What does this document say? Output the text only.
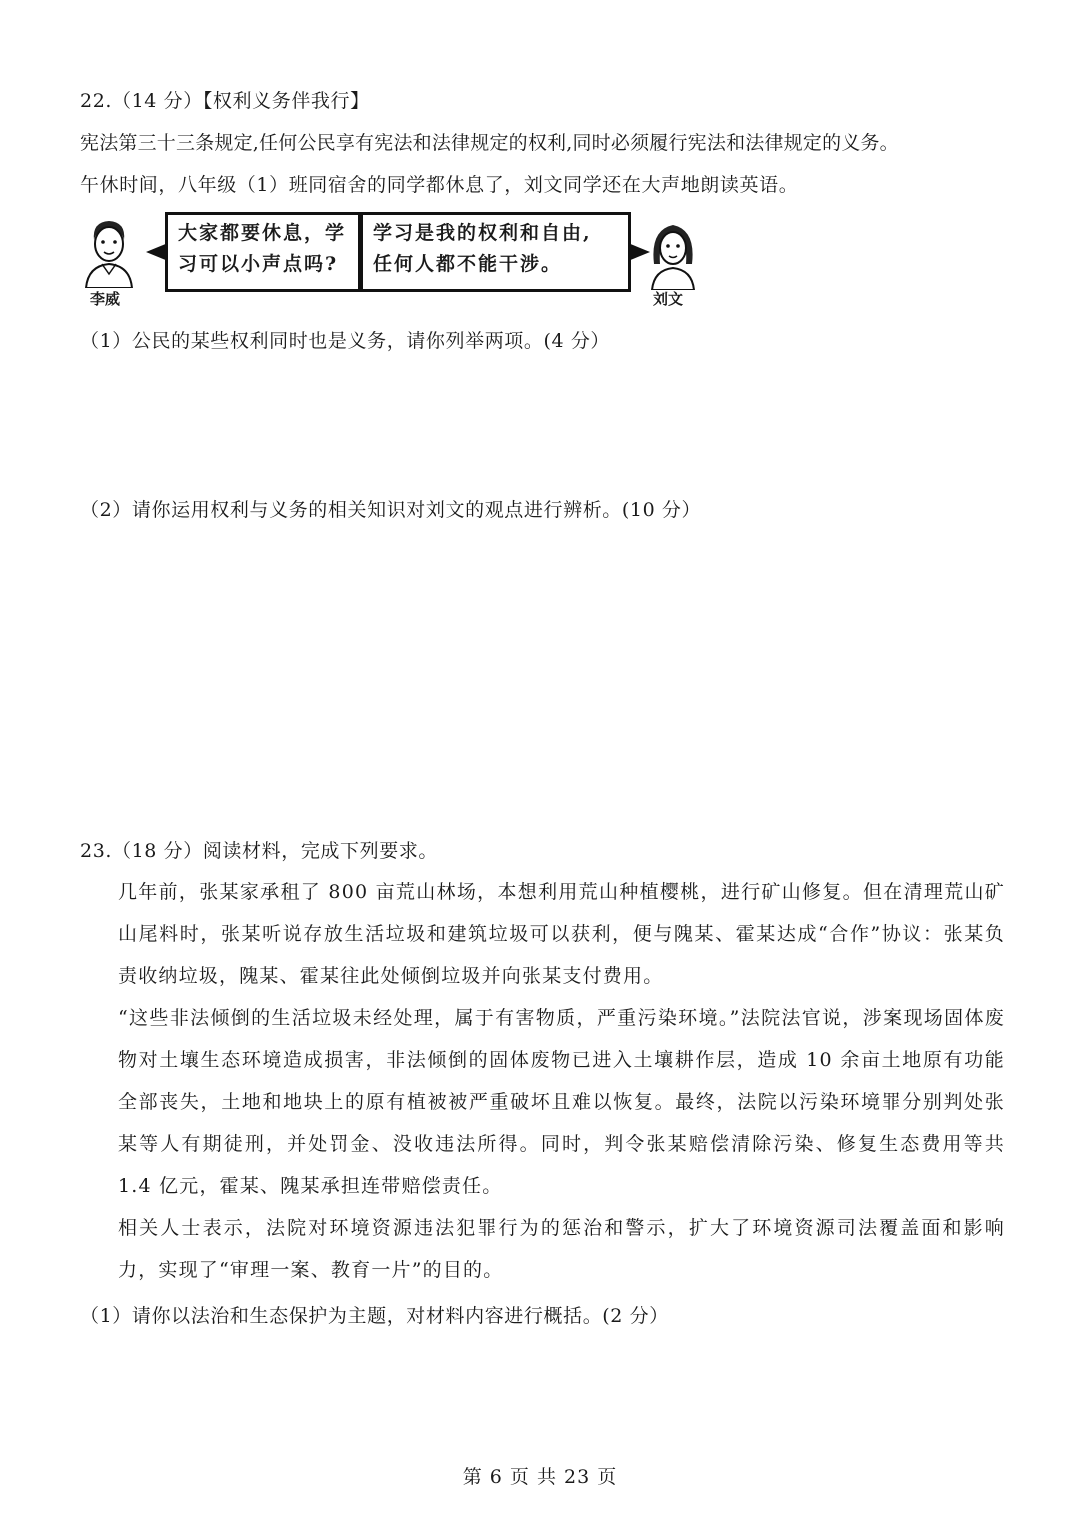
22.（14 分）【权利义务伴我行】
宪法第三十三条规定,任何公民享有宪法和法律规定的权利,同时必须履行宪法和法律规定的义务。
午休时间，八年级（1）班同宿舍的同学都休息了，刘文同学还在大声地朗读英语。
李威
大家都要休息，学
习可以小声点吗?
学习是我的权利和自由,
任何人都不能干涉。
刘文
（1）公民的某些权利同时也是义务，请你列举两项。(4 分）
（2）请你运用权利与义务的相关知识对刘文的观点进行辨析。(10 分）
23.（18 分）阅读材料，完成下列要求。
几年前，张某家承租了 800 亩荒山林场，本想利用荒山种植樱桃，进行矿山修复。但在清理荒山矿山尾料时，张某听说存放生活垃圾和建筑垃圾可以获利，便与隗某、霍某达成“合作”协议：张某负责收纳垃圾，隗某、霍某往此处倾倒垃圾并向张某支付费用。
“这些非法倾倒的生活垃圾未经处理，属于有害物质，严重污染环境。”法院法官说，涉案现场固体废物对土壤生态环境造成损害，非法倾倒的固体废物已进入土壤耕作层，造成 10 余亩土地原有功能全部丧失，土地和地块上的原有植被被严重破坏且难以恢复。最终，法院以污染环境罪分别判处张某等人有期徒刑，并处罚金、没收违法所得。同时，判令张某赔偿清除污染、修复生态费用等共 1.4 亿元，霍某、隗某承担连带赔偿责任。
相关人士表示，法院对环境资源违法犯罪行为的惩治和警示，扩大了环境资源司法覆盖面和影响力，实现了“审理一案、教育一片”的目的。
（1）请你以法治和生态保护为主题，对材料内容进行概括。(2 分）
第 6 页 共 23 页
